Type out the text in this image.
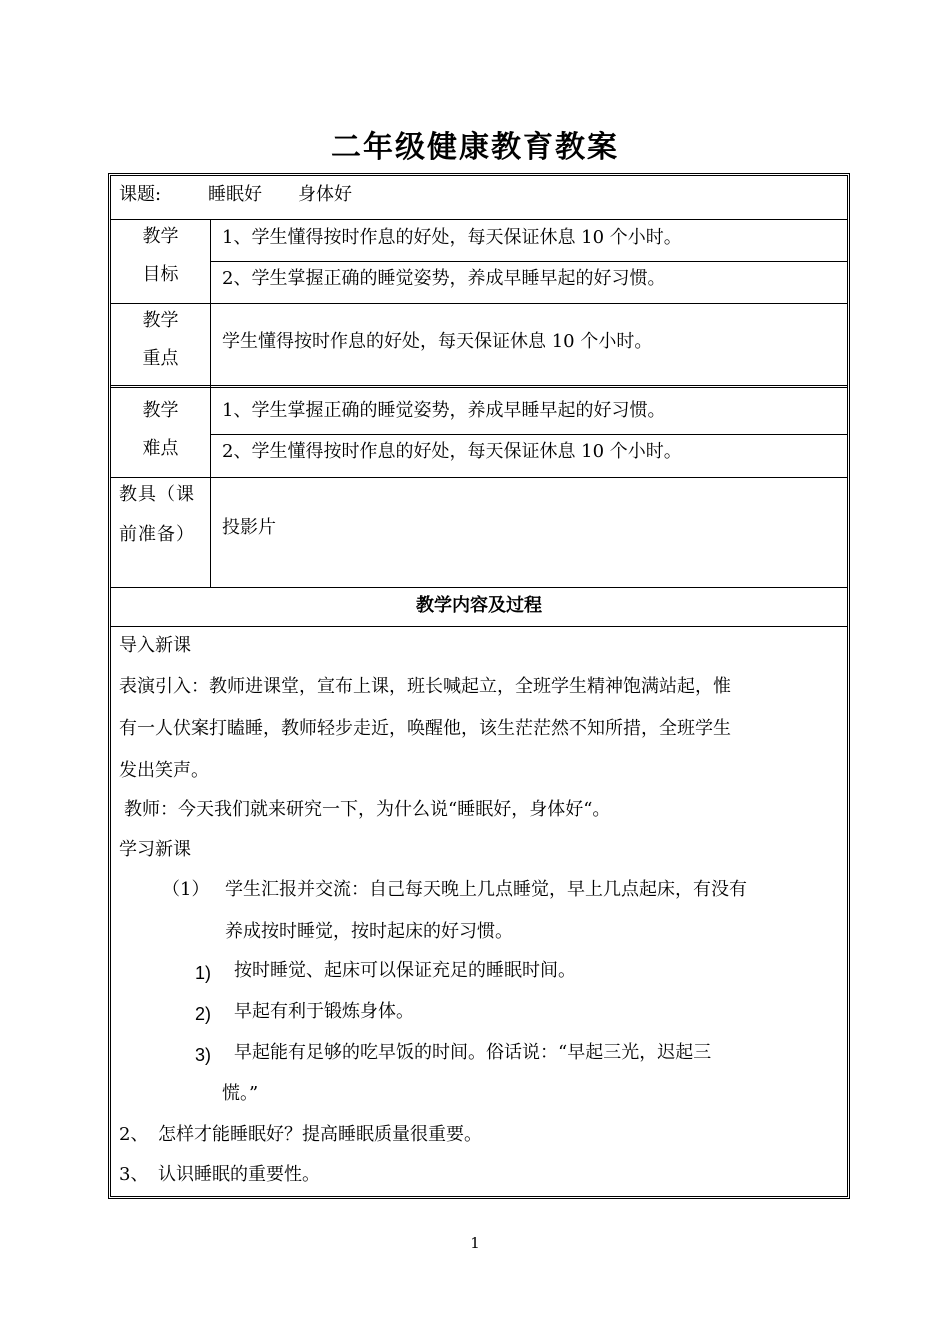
二年级健康教育教案
课题:	睡眠好　　身体好
教学
目标
1、学生懂得按时作息的好处，每天保证休息 10 个小时。
2、学生掌握正确的睡觉姿势，养成早睡早起的好习惯。
教学
重点
学生懂得按时作息的好处，每天保证休息 10 个小时。
教学
难点
1、学生掌握正确的睡觉姿势，养成早睡早起的好习惯。
2、学生懂得按时作息的好处，每天保证休息 10 个小时。
教具（课
前准备） 投影片
教学内容及过程
导入新课
表演引入：教师进课堂，宣布上课，班长喊起立，全班学生精神饱满站起，惟
有一人伏案打瞌睡，教师轻步走近，唤醒他，该生茫茫然不知所措，全班学生
发出笑声。
教师：今天我们就来研究一下，为什么说“睡眠好，身体好“。
学习新课
（1） 学生汇报并交流：自己每天晚上几点睡觉，早上几点起床，有没有
养成按时睡觉，按时起床的好习惯。
1) 按时睡觉、起床可以保证充足的睡眠时间。
2) 早起有利于锻炼身体。
3) 早起能有足够的吃早饭的时间。俗话说：“早起三光，迟起三
慌。”
2、 怎样才能睡眠好？提高睡眠质量很重要。
3、 认识睡眠的重要性。
1
